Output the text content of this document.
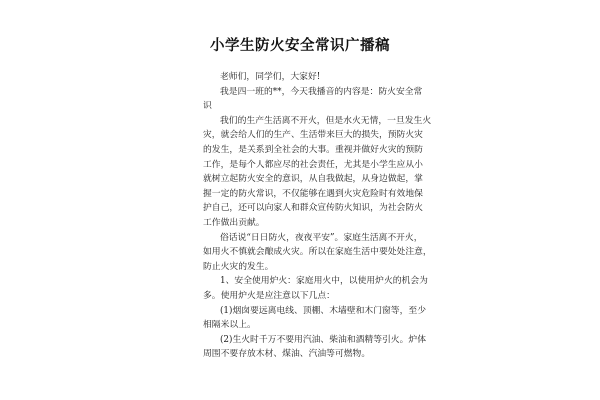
小学生防火安全常识广播稿
老师们，同学们，大家好!
我是四一班的**，今天我播音的内容是：防火安全常
识
我们的生产生活离不开火，但是水火无情，一旦发生火
灾，就会给人们的生产、生活带来巨大的损失，预防火灾
的发生，是关系到全社会的大事。重视并做好火灾的预防
工作，是每个人都应尽的社会责任，尤其是小学生应从小
就树立起防火安全的意识，从自我做起，从身边做起，掌
握一定的防火常识，不仅能够在遇到火灾危险时有效地保
护自己，还可以向家人和群众宣传防火知识，为社会防火
工作做出贡献。
俗话说“日日防火，夜夜平安”。家庭生活离不开火，
如用火不慎就会酿成火灾。所以在家庭生活中要处处注意，
防止火灾的发生。
1、安全使用炉火：家庭用火中，以使用炉火的机会为
多。使用炉火是应注意以下几点：
(1)烟囱要远离电线、顶棚、木墙壁和木门窗等，至少
相隔米以上。
(2)生火时千万不要用汽油、柴油和酒精等引火。炉体
周围不要存放木材、煤油、汽油等可燃物。
